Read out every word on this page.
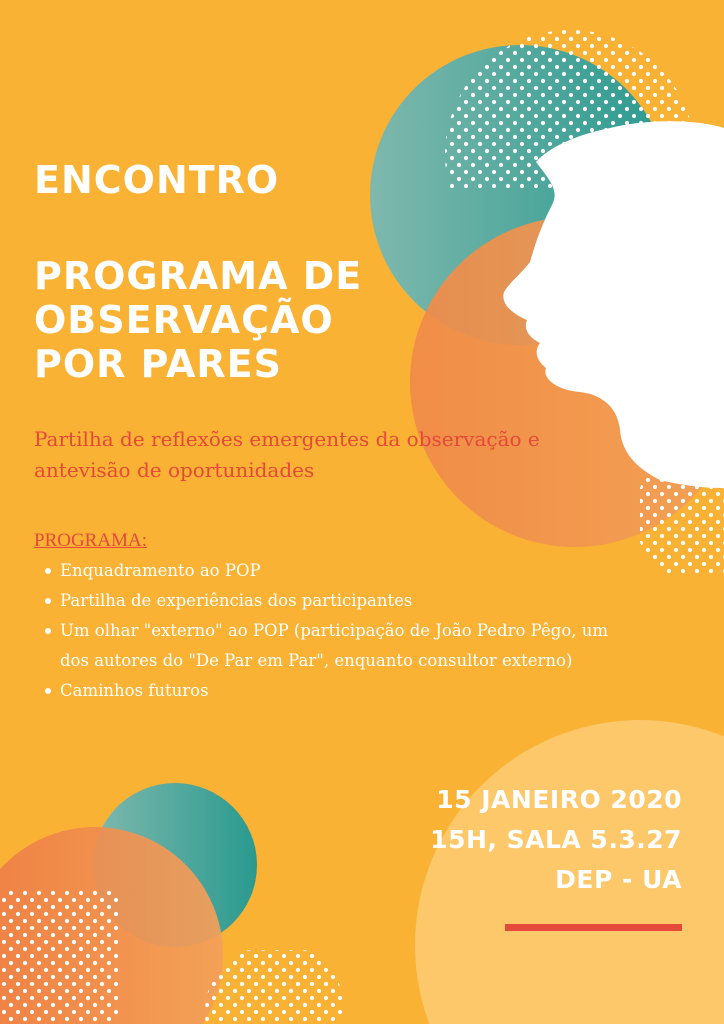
ENCONTRO
PROGRAMA DE
OBSERVAÇÃO
POR PARES
Partilha de reflexões emergentes da observação e antevisão de oportunidades
PROGRAMA:
Enquadramento ao POP
Partilha de experiências dos participantes
Um olhar "externo" ao POP (participação de João Pedro Pêgo, um dos autores do "De Par em Par", enquanto consultor externo)
Caminhos futuros
15 JANEIRO 2020
15H, SALA 5.3.27
DEP - UA
